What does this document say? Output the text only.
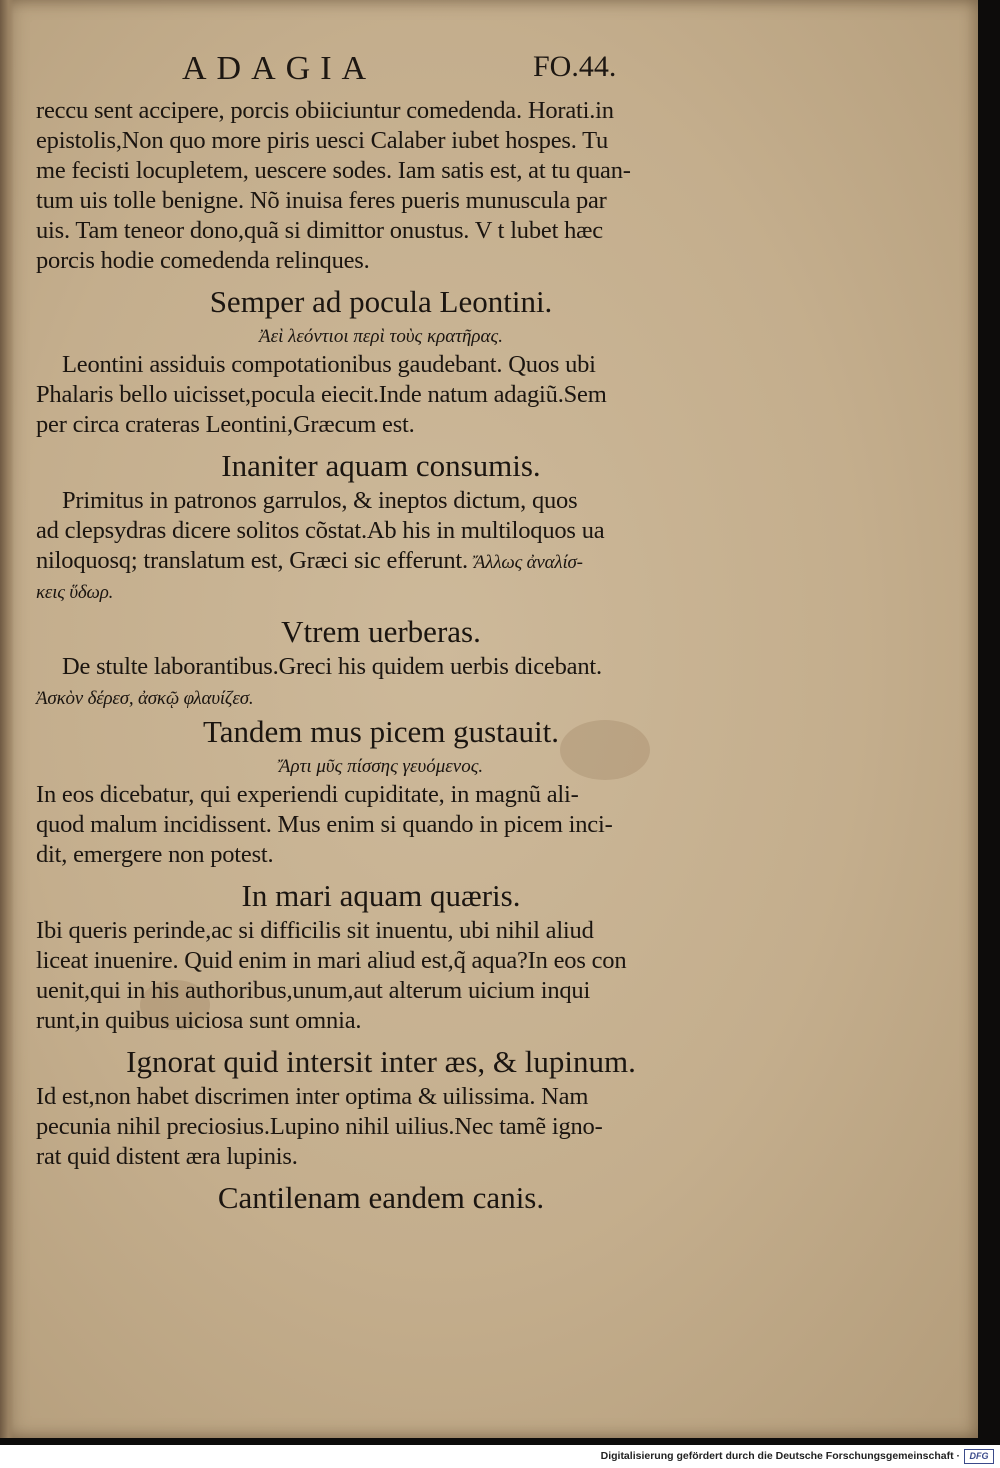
ADAGIA	FO.44.
reccu sent accipere, porcis obiiciuntur comedenda. Horati.in
epistolis,Non quo more piris uesci Calaber iubet hospes. Tu
me fecisti locupletem, uescere sodes. Iam satis est, at tu quan-
tum uis tolle benigne. Nõ inuisa feres pueris munuscula par
uis. Tam teneor dono,quã si dimittor onustus. V t lubet hæc
porcis hodie comedenda relinques.
Semper ad pocula Leontini.
Ἀεὶ λεόντιοι περὶ τοὺς κρατῆρας.
Leontini assiduis compotationibus gaudebant. Quos ubi
Phalaris bello uicisset,pocula eiecit.Inde natum adagiũ.Sem
per circa crateras Leontini,Græcum est.
Inaniter aquam consumis.
Primitus in patronos garrulos, & ineptos dictum, quos
ad clepsydras dicere solitos cõstat.Ab his in multiloquos ua
niloquosq; translatum est, Græci sic efferunt. Ἄλλως ἀναλίσ-
κεις ὕδωρ.
Vtrem uerberas.
De stulte laborantibus.Greci his quidem uerbis dicebant.
Ἀσκὸν δέρεσ, ἀσκῷ φλαυίζεσ.
Tandem mus picem gustauit.
Ἄρτι μῦς πίσσης γευόμενος.
In eos dicebatur, qui experiendi cupiditate, in magnũ ali-
quod malum incidissent. Mus enim si quando in picem inci-
dit, emergere non potest.
In mari aquam quæris.
Ibi queris perinde,ac si difficilis sit inuentu, ubi nihil aliud
liceat inuenire. Quid enim in mari aliud est,q̃ aqua?In eos con
uenit,qui in his authoribus,unum,aut alterum uicium inqui
runt,in quibus uiciosa sunt omnia.
Ignorat quid intersit inter æs, & lupinum.
Id est,non habet discrimen inter optima & uilissima. Nam
pecunia nihil preciosius.Lupino nihil uilius.Nec tamẽ igno-
rat quid distent æra lupinis.
Cantilenam eandem canis.
Digitalisierung gefördert durch die Deutsche Forschungsgemeinschaft ·	DFG
